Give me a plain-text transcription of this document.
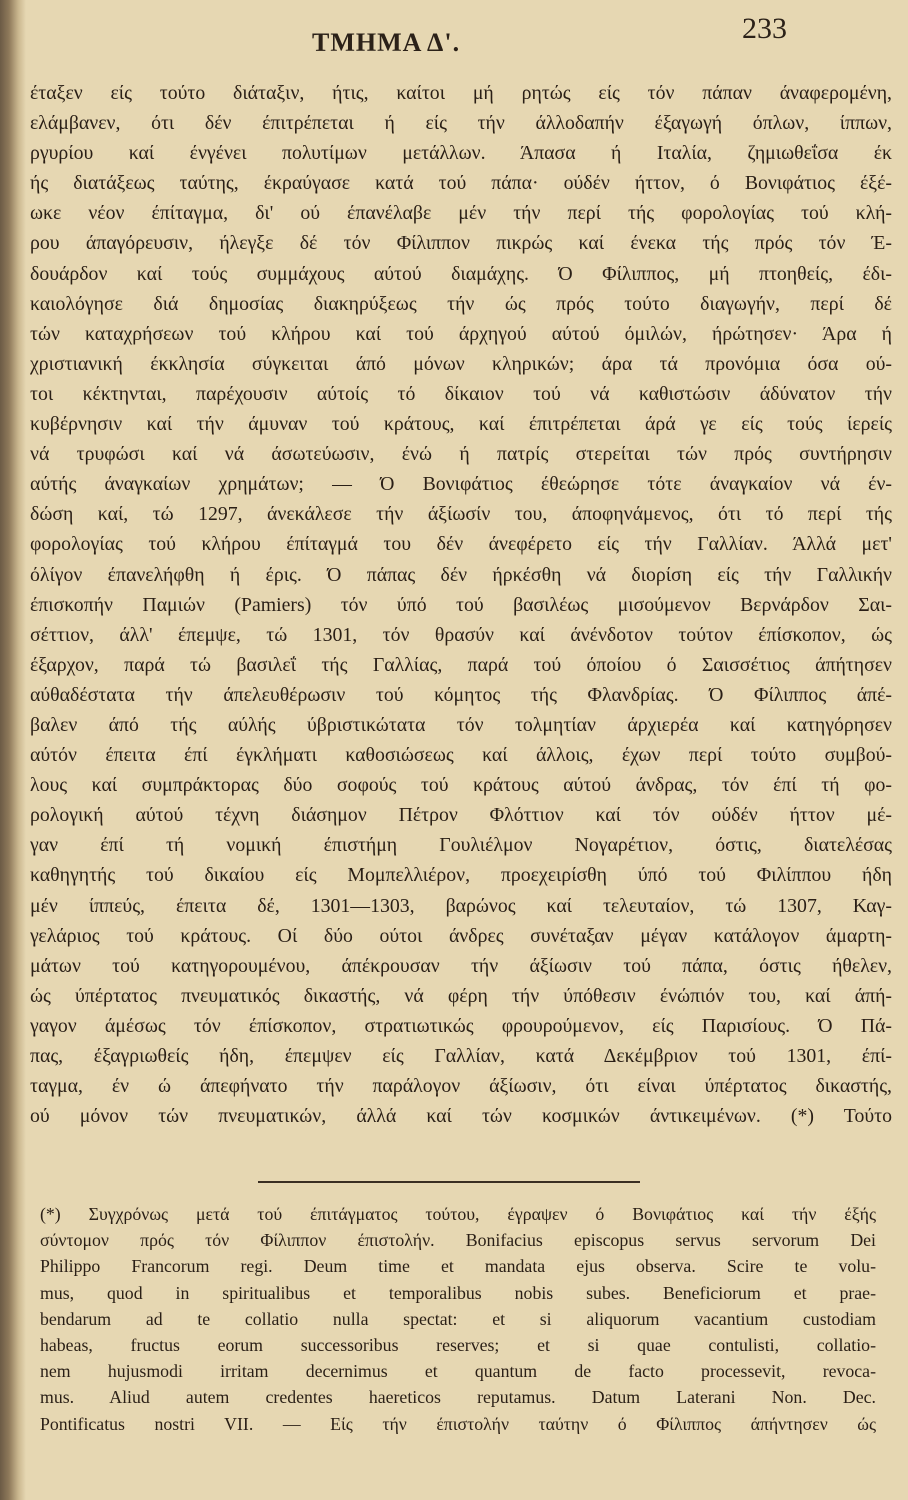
ΤΜΗΜΑ Δ'.	233
έταξεν είς τούτο διάταξιν, ήτις, καίτοι μή ρητώς είς τόν πάπαν άναφερομένη,
ελάμβανεν, ότι δέν έπιτρέπεται ή είς τήν άλλοδαπήν έξαγωγή όπλων, ίππων,
ργυρίου καί ένγένει πολυτίμων μετάλλων. Άπασα ή Ιταλία, ζημιωθεΐσα έκ
ής διατάξεως ταύτης, έκραύγασε κατά τού πάπα· ούδέν ήττον, ό Βονιφάτιος έξέ-
ωκε νέον έπίταγμα, δι' ού έπανέλαβε μέν τήν περί τής φορολογίας τού κλή-
ρου άπαγόρευσιν, ήλεγξε δέ τόν Φίλιππον πικρώς καί ένεκα τής πρός τόν Έ-
δουάρδον καί τούς συμμάχους αύτού διαμάχης. Ό Φίλιππος, μή πτοηθείς, έδι-
καιολόγησε διά δημοσίας διακηρύξεως τήν ώς πρός τούτο διαγωγήν, περί δέ
τών καταχρήσεων τού κλήρου καί τού άρχηγού αύτού όμιλών, ήρώτησεν· Άρα ή
χριστιανική έκκλησία σύγκειται άπό μόνων κληρικών; άρα τά προνόμια όσα ού-
τοι κέκτηνται, παρέχουσιν αύτοίς τό δίκαιον τού νά καθιστώσιν άδύνατον τήν
κυβέρνησιν καί τήν άμυναν τού κράτους, καί έπιτρέπεται άρά γε είς τούς ίερείς
νά τρυφώσι καί νά άσωτεύωσιν, ένώ ή πατρίς στερείται τών πρός συντήρησιν
αύτής άναγκαίων χρημάτων; — Ό Βονιφάτιος έθεώρησε τότε άναγκαίον νά έν-
δώση καί, τώ 1297, άνεκάλεσε τήν άξίωσίν του, άποφηνάμενος, ότι τό περί τής
φορολογίας τού κλήρου έπίταγμά του δέν άνεφέρετο είς τήν Γαλλίαν. Άλλά μετ'
όλίγον έπανελήφθη ή έρις. Ό πάπας δέν ήρκέσθη νά διορίση είς τήν Γαλλικήν
έπισκοπήν Παμιών (Pamiers) τόν ύπό τού βασιλέως μισούμενον Βερνάρδον Σαι-
σέττιον, άλλ' έπεμψε, τώ 1301, τόν θρασύν καί άνένδοτον τούτον έπίσκοπον, ώς
έξαρχον, παρά τώ βασιλεΐ τής Γαλλίας, παρά τού όποίου ό Σαισσέτιος άπήτησεν
αύθαδέστατα τήν άπελευθέρωσιν τού κόμητος τής Φλανδρίας. Ό Φίλιππος άπέ-
βαλεν άπό τής αύλής ύβριστικώτατα τόν τολμητίαν άρχιερέα καί κατηγόρησεν
αύτόν έπειτα έπί έγκλήματι καθοσιώσεως καί άλλοις, έχων περί τούτο συμβού-
λους καί συμπράκτορας δύο σοφούς τού κράτους αύτού άνδρας, τόν έπί τή φο-
ρολογική αύτού τέχνη διάσημον Πέτρον Φλόττιον καί τόν ούδέν ήττον μέ-
γαν έπί τή νομική έπιστήμη Γουλιέλμον Νογαρέτιον, όστις, διατελέσας
καθηγητής τού δικαίου είς Μομπελλιέρον, προεχειρίσθη ύπό τού Φιλίππου ήδη
μέν ίππεύς, έπειτα δέ, 1301—1303, βαρώνος καί τελευταίον, τώ 1307, Καγ-
γελάριος τού κράτους. Οί δύο ούτοι άνδρες συνέταξαν μέγαν κατάλογον άμαρτη-
μάτων τού κατηγορουμένου, άπέκρουσαν τήν άξίωσιν τού πάπα, όστις ήθελεν,
ώς ύπέρτατος πνευματικός δικαστής, νά φέρη τήν ύπόθεσιν ένώπιόν του, καί άπή-
γαγον άμέσως τόν έπίσκοπον, στρατιωτικώς φρουρούμενον, είς Παρισίους. Ό Πά-
πας, έξαγριωθείς ήδη, έπεμψεν είς Γαλλίαν, κατά Δεκέμβριον τού 1301, έπί-
ταγμα, έν ώ άπεφήνατο τήν παράλογον άξίωσιν, ότι είναι ύπέρτατος δικαστής,
ού μόνον τών πνευματικών, άλλά καί τών κοσμικών άντικειμένων. (*) Τούτο
(*) Συγχρόνως μετά τού έπιτάγματος τούτου, έγραψεν ό Βονιφάτιος καί τήν έξής
σύντομον πρός τόν Φίλιππον έπιστολήν. Bonifacius episcopus servus servorum Dei
Philippo Francorum regi. Deum time et mandata ejus observa. Scire te volu-
mus, quod in spiritualibus et temporalibus nobis subes. Beneficiorum et prae-
bendarum ad te collatio nulla spectat: et si aliquorum vacantium custodiam
habeas, fructus eorum successoribus reserves; et si quae contulisti, collatio-
nem hujusmodi irritam decernimus et quantum de facto processevit, revoca-
mus. Aliud autem credentes haereticos reputamus. Datum Laterani Non. Dec.
Pontificatus nostri VII. — Είς τήν έπιστολήν ταύτην ό Φίλιππος άπήντησεν ώς
